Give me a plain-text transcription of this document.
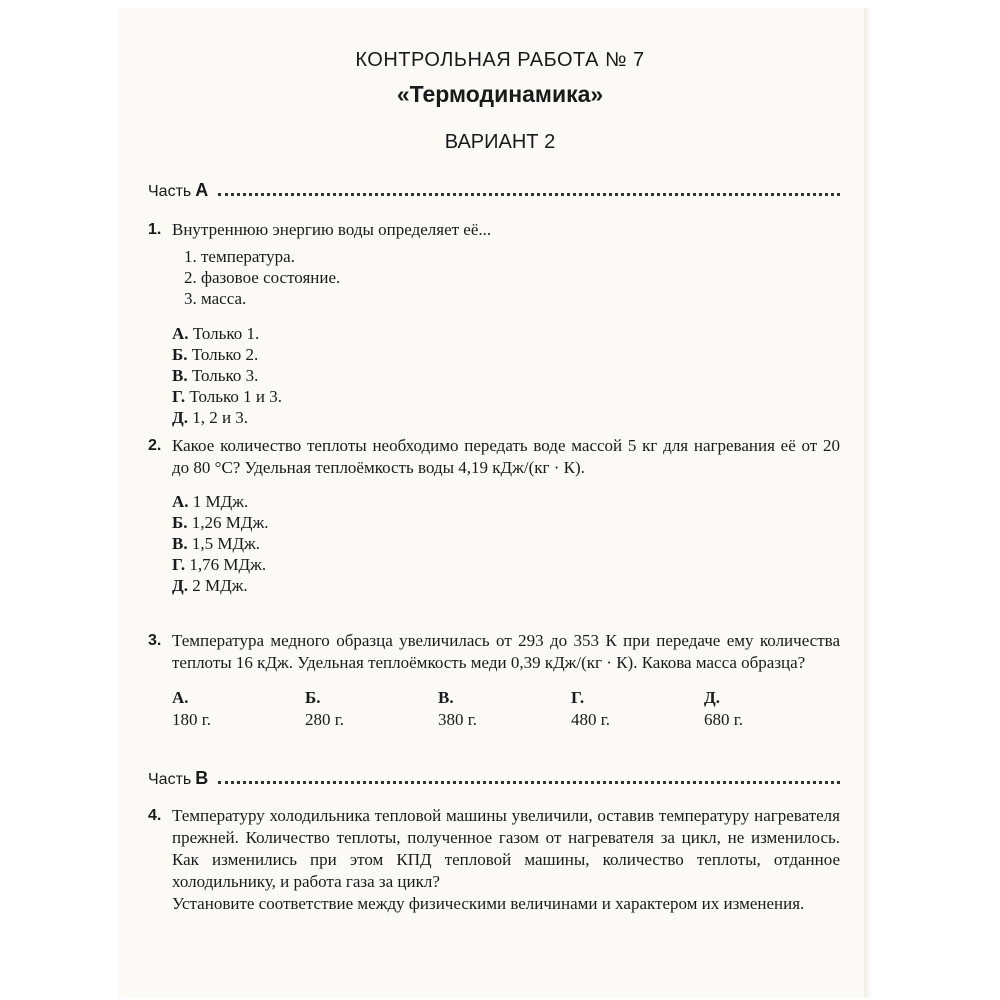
КОНТРОЛЬНАЯ РАБОТА № 7
«Термодинамика»
ВАРИАНТ 2
Часть А
1. Внутреннюю энергию воды определяет её...
1. температура.
2. фазовое состояние.
3. масса.
А. Только 1.
Б. Только 2.
В. Только 3.
Г. Только 1 и 3.
Д. 1, 2 и 3.
2. Какое количество теплоты необходимо передать воде массой 5 кг для нагревания её от 20 до 80 °С? Удельная теплоёмкость воды 4,19 кДж/(кг · К).
А. 1 МДж.
Б. 1,26 МДж.
В. 1,5 МДж.
Г. 1,76 МДж.
Д. 2 МДж.
3. Температура медного образца увеличилась от 293 до 353 К при передаче ему количества теплоты 16 кДж. Удельная теплоёмкость меди 0,39 кДж/(кг · К). Какова масса образца?
А.180 г.
Б.280 г.
В.380 г.
Г.480 г.
Д.680 г.
Часть В
4. Температуру холодильника тепловой машины увеличили, оставив температуру нагревателя прежней. Количество теплоты, полученное газом от нагревателя за цикл, не изменилось. Как изменились при этом КПД тепловой машины, количество теплоты, отданное холодильнику, и работа газа за цикл?
Установите соответствие между физическими величинами и характером их изменения.
